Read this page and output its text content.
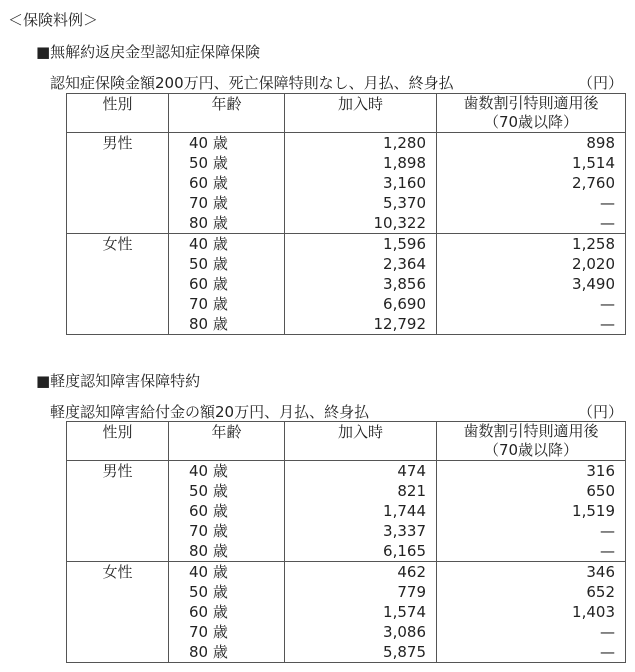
＜保険料例＞
■無解約返戻金型認知症保障保険
認知症保険金額200万円、死亡保障特則なし、月払、終身払	（円）
性別	年齢	加入時	歯数割引特則適用後
（70歳以降）

男性	40 歳	1,280	898
	50 歳	1,898	1,514
	60 歳	3,160	2,760
	70 歳	5,370	—
	80 歳	10,322	—
女性	40 歳	1,596	1,258
	50 歳	2,364	2,020
	60 歳	3,856	3,490
	70 歳	6,690	—
	80 歳	12,792	—
■軽度認知障害保障特約
軽度認知障害給付金の額20万円、月払、終身払	（円）
性別	年齢	加入時	歯数割引特則適用後
（70歳以降）

男性	40 歳	474	316
	50 歳	821	650
	60 歳	1,744	1,519
	70 歳	3,337	—
	80 歳	6,165	—
女性	40 歳	462	346
	50 歳	779	652
	60 歳	1,574	1,403
	70 歳	3,086	—
	80 歳	5,875	—
